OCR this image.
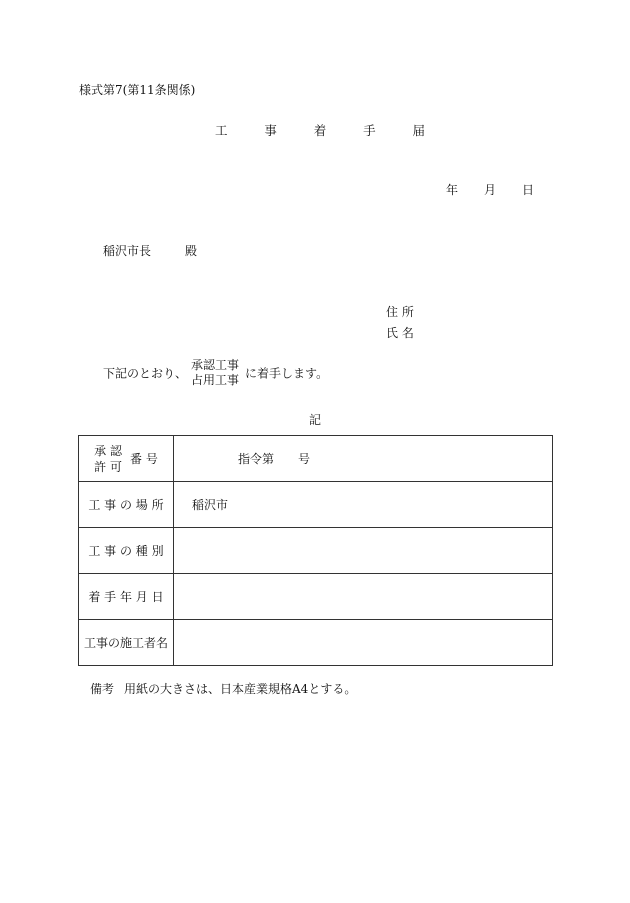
様式第7(第11条関係)
工	事	着	手	届
年 月 日
稲沢市長	殿
住 所
氏 名
下記のとおり、
承認工事
占用工事 に着手します。
記
承 認
許 可
番 号	指令第　　号
工 事 の 場 所	稲沢市
工 事 の 種 別	
着 手 年 月 日	
工事の施工者名	
備考 用紙の大きさは、日本産業規格A4とする。
